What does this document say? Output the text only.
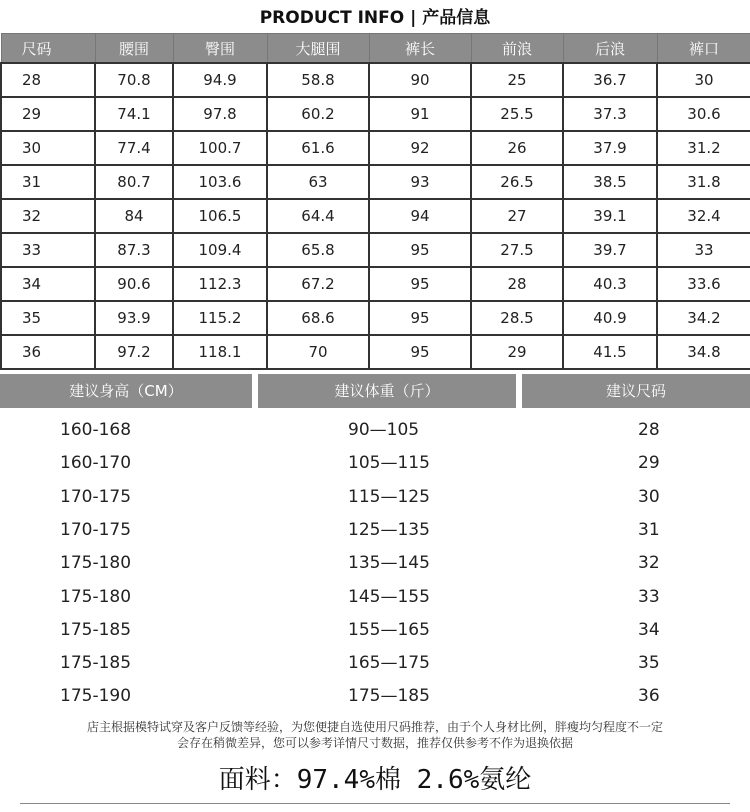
PRODUCT INFO | 产品信息
尺码	腰围	臀围	大腿围	裤长	前浪	后浪	裤口
28	70.8	94.9	58.8	90	25	36.7	30
29	74.1	97.8	60.2	91	25.5	37.3	30.6
30	77.4	100.7	61.6	92	26	37.9	31.2
31	80.7	103.6	63	93	26.5	38.5	31.8
32	84	106.5	64.4	94	27	39.1	32.4
33	87.3	109.4	65.8	95	27.5	39.7	33
34	90.6	112.3	67.2	95	28	40.3	33.6
35	93.9	115.2	68.6	95	28.5	40.9	34.2
36	97.2	118.1	70	95	29	41.5	34.8
建议身高（CM）	建议体重（斤）	建议尺码
160-168	90—105	28
160-170	105—115	29
170-175	115—125	30
170-175	125—135	31
175-180	135—145	32
175-180	145—155	33
175-185	155—165	34
175-185	165—175	35
175-190	175—185	36
店主根据模特试穿及客户反馈等经验，为您便捷自选使用尺码推荐，由于个人身材比例，胖瘦均匀程度不一定
会存在稍微差异，您可以参考详情尺寸数据，推荐仅供参考不作为退换依据
面料：97.4%棉 2.6%氨纶
